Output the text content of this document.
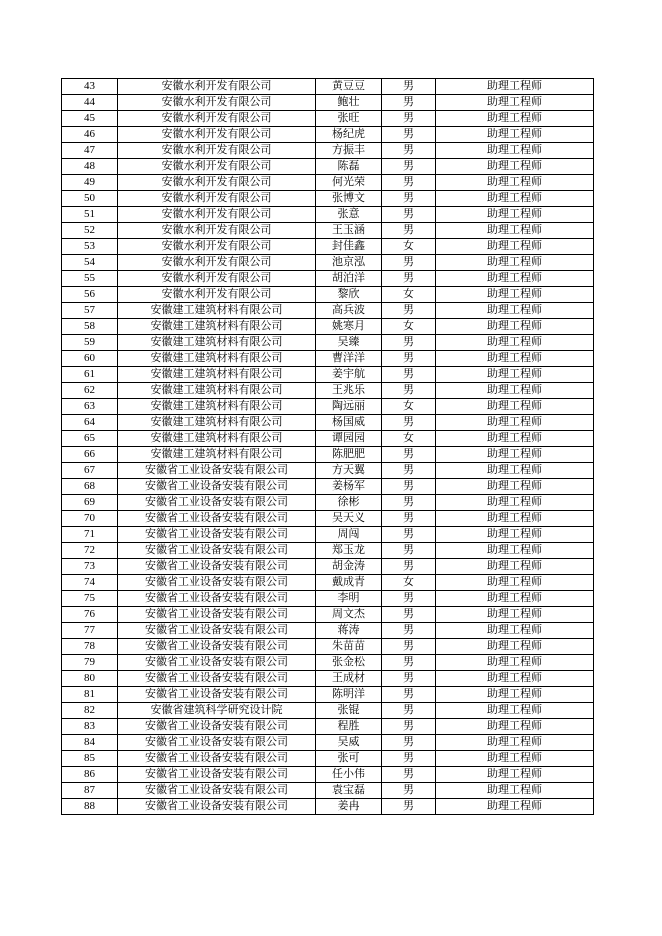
43	安徽水利开发有限公司	黄豆豆	男	助理工程师
44	安徽水利开发有限公司	鲍壮	男	助理工程师
45	安徽水利开发有限公司	张旺	男	助理工程师
46	安徽水利开发有限公司	杨纪虎	男	助理工程师
47	安徽水利开发有限公司	方振丰	男	助理工程师
48	安徽水利开发有限公司	陈磊	男	助理工程师
49	安徽水利开发有限公司	何光荣	男	助理工程师
50	安徽水利开发有限公司	张博文	男	助理工程师
51	安徽水利开发有限公司	张意	男	助理工程师
52	安徽水利开发有限公司	王玉涵	男	助理工程师
53	安徽水利开发有限公司	封佳鑫	女	助理工程师
54	安徽水利开发有限公司	池京泓	男	助理工程师
55	安徽水利开发有限公司	胡泊洋	男	助理工程师
56	安徽水利开发有限公司	黎欣	女	助理工程师
57	安徽建工建筑材料有限公司	高兵波	男	助理工程师
58	安徽建工建筑材料有限公司	姚寒月	女	助理工程师
59	安徽建工建筑材料有限公司	吴臻	男	助理工程师
60	安徽建工建筑材料有限公司	曹洋洋	男	助理工程师
61	安徽建工建筑材料有限公司	姜宇航	男	助理工程师
62	安徽建工建筑材料有限公司	王兆乐	男	助理工程师
63	安徽建工建筑材料有限公司	陶远丽	女	助理工程师
64	安徽建工建筑材料有限公司	杨国威	男	助理工程师
65	安徽建工建筑材料有限公司	谭园园	女	助理工程师
66	安徽建工建筑材料有限公司	陈肥肥	男	助理工程师
67	安徽省工业设备安装有限公司	方天翼	男	助理工程师
68	安徽省工业设备安装有限公司	姜杨军	男	助理工程师
69	安徽省工业设备安装有限公司	徐彬	男	助理工程师
70	安徽省工业设备安装有限公司	吴天义	男	助理工程师
71	安徽省工业设备安装有限公司	周闯	男	助理工程师
72	安徽省工业设备安装有限公司	郑玉龙	男	助理工程师
73	安徽省工业设备安装有限公司	胡金涛	男	助理工程师
74	安徽省工业设备安装有限公司	戴成青	女	助理工程师
75	安徽省工业设备安装有限公司	李明	男	助理工程师
76	安徽省工业设备安装有限公司	周文杰	男	助理工程师
77	安徽省工业设备安装有限公司	蒋涛	男	助理工程师
78	安徽省工业设备安装有限公司	朱苗苗	男	助理工程师
79	安徽省工业设备安装有限公司	张金松	男	助理工程师
80	安徽省工业设备安装有限公司	王成材	男	助理工程师
81	安徽省工业设备安装有限公司	陈明洋	男	助理工程师
82	安徽省建筑科学研究设计院	张锟	男	助理工程师
83	安徽省工业设备安装有限公司	程胜	男	助理工程师
84	安徽省工业设备安装有限公司	吴威	男	助理工程师
85	安徽省工业设备安装有限公司	张可	男	助理工程师
86	安徽省工业设备安装有限公司	任小伟	男	助理工程师
87	安徽省工业设备安装有限公司	袁宝磊	男	助理工程师
88	安徽省工业设备安装有限公司	姜冉	男	助理工程师
